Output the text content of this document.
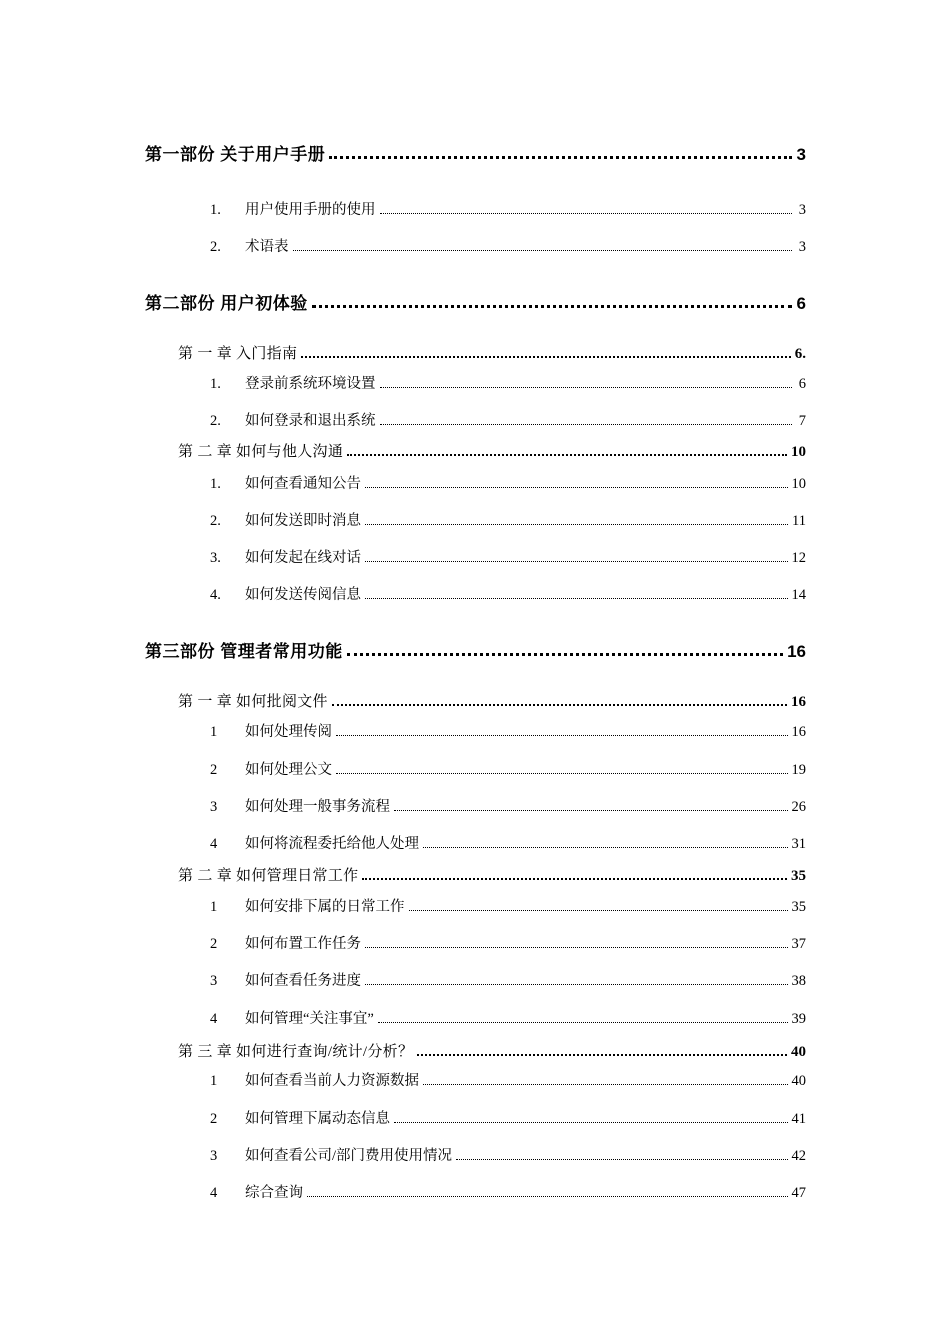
第一部份 关于用户手册	3
1.	用户使用手册的使用	3
2.	术语表	3
第二部份 用户初体验	6
第 一 章 入门指南	6.
1.	登录前系统环境设置	6
2.	如何登录和退出系统	7
第 二 章 如何与他人沟通	10
1.	如何查看通知公告	10
2.	如何发送即时消息	11
3.	如何发起在线对话	12
4.	如何发送传阅信息	14
第三部份 管理者常用功能	16
第 一 章 如何批阅文件	16
1	如何处理传阅	16
2	如何处理公文	19
3	如何处理一般事务流程	26
4	如何将流程委托给他人处理	31
第 二 章 如何管理日常工作	35
1	如何安排下属的日常工作	35
2	如何布置工作任务	37
3	如何查看任务进度	38
4	如何管理“关注事宜”	39
第 三 章 如何进行查询/统计/分析？	40
1	如何查看当前人力资源数据	40
2	如何管理下属动态信息	41
3	如何查看公司/部门费用使用情况	42
4	综合查询	47
